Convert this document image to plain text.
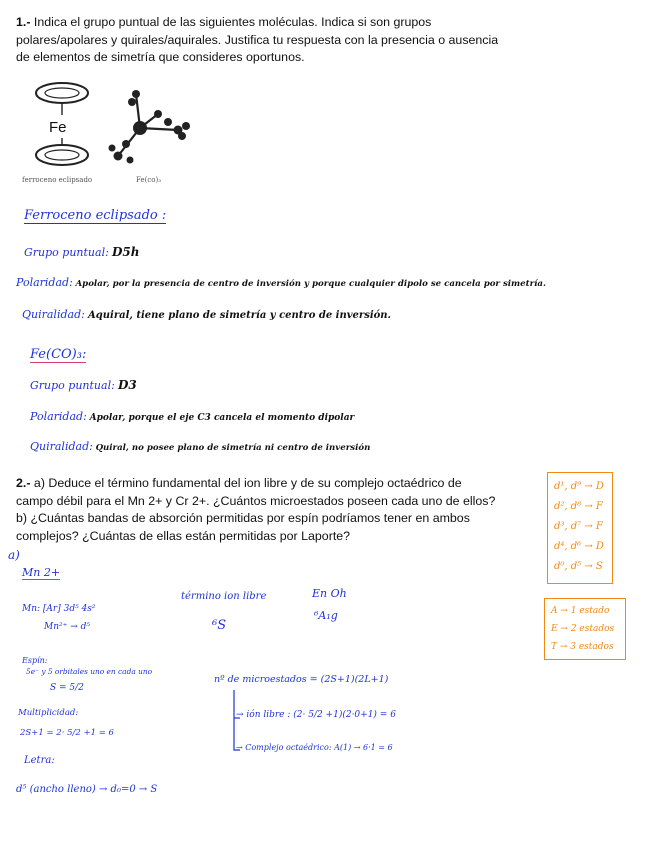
1.- Indica el grupo puntual de las siguientes moléculas. Indica si son grupos
polares/apolares y quirales/aquirales. Justifica tu respuesta con la presencia o ausencia
de elementos de simetría que consideres oportunos.
Fe
ferroceno eclipsado	Fe(co)₃
Ferroceno eclipsado :
Grupo puntual: D5h
Polaridad: Apolar, por la presencia de centro de inversión y porque cualquier dipolo se cancela por simetría.
Quiralidad: Aquiral, tiene plano de simetría y centro de inversión.
Fe(CO)₃:
Grupo puntual: D3
Polaridad: Apolar, porque el eje C3 cancela el momento dipolar
Quiralidad: Quiral, no posee plano de simetría ni centro de inversión
2.- a) Deduce el término fundamental del ion libre y de su complejo octaédrico de
campo débil para el Mn 2+ y Cr 2+. ¿Cuántos microestados poseen cada uno de ellos?
b) ¿Cuántas bandas de absorción permitidas por espín podríamos tener en ambos
complejos? ¿Cuántas de ellas están permitidas por Laporte?
d¹, d⁹ → D
d², d⁸ → F
d³, d⁷ → F
d⁴, d⁶ → D
d⁰, d⁵ → S
A → 1 estado
E → 2 estados
T → 3 estados
a)
Mn 2+
Mn: [Ar] 3d⁵ 4s²
Mn²⁺ → d⁵
término ion libre
⁶S
En Oh
⁶A₁g
Espín:
5e⁻ y 5 orbitales uno en cada uno
S = 5/2
Multiplicidad:
2S+1 = 2· 5/2 +1 = 6
Letra:
d⁵ (ancho lleno) → d₀=0 → S
nº de microestados = (2S+1)(2L+1)
→ ión libre : (2· 5/2 +1)(2·0+1) = 6
→ Complejo octaédrico: A(1) → 6·1 = 6
